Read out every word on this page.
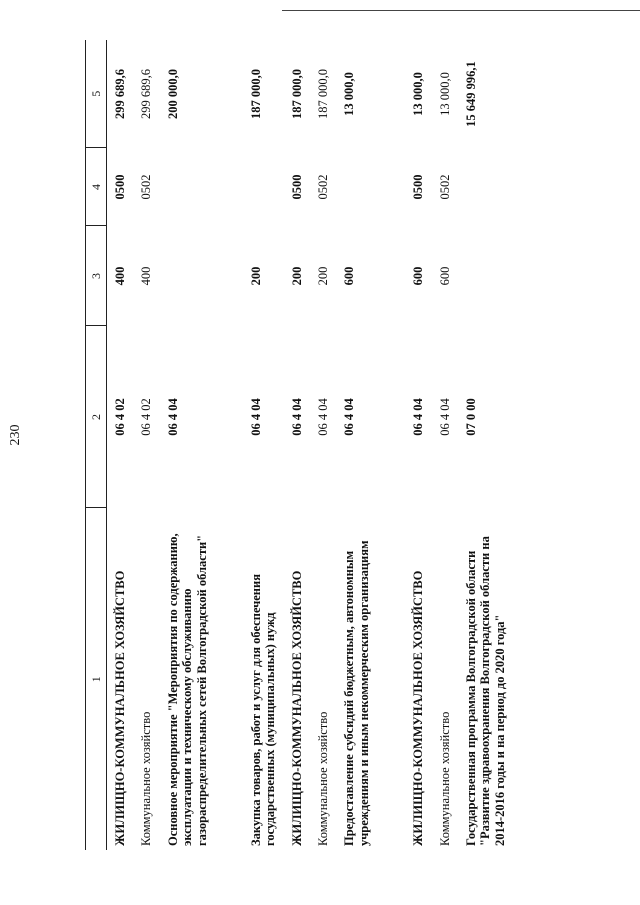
230
1	2	3	4	5
ЖИЛИЩНО-КОММУНАЛЬНОЕ ХОЗЯЙСТВО	06 4 02	400	0500	299 689,6
Коммунальное хозяйство	06 4 02	400	0502	299 689,6
Основное мероприятие "Мероприятия по содержанию, эксплуатации и техническому обслуживанию газораспределительных сетей Волгоградской области"	06 4 04			200 000,0
Закупка товаров, работ и услуг для обеспечения государственных (муниципальных) нужд	06 4 04	200		187 000,0
ЖИЛИЩНО-КОММУНАЛЬНОЕ ХОЗЯЙСТВО	06 4 04	200	0500	187 000,0
Коммунальное хозяйство	06 4 04	200	0502	187 000,0
Предоставление субсидий бюджетным, автономным учреждениям и иным некоммерческим организациям	06 4 04	600		13 000,0
ЖИЛИЩНО-КОММУНАЛЬНОЕ ХОЗЯЙСТВО	06 4 04	600	0500	13 000,0
Коммунальное хозяйство	06 4 04	600	0502	13 000,0
Государственная программа Волгоградской области "Развитие здравоохранения Волгоградской области на 2014-2016 годы и на период до 2020 года"	07 0 00			15 649 996,1
